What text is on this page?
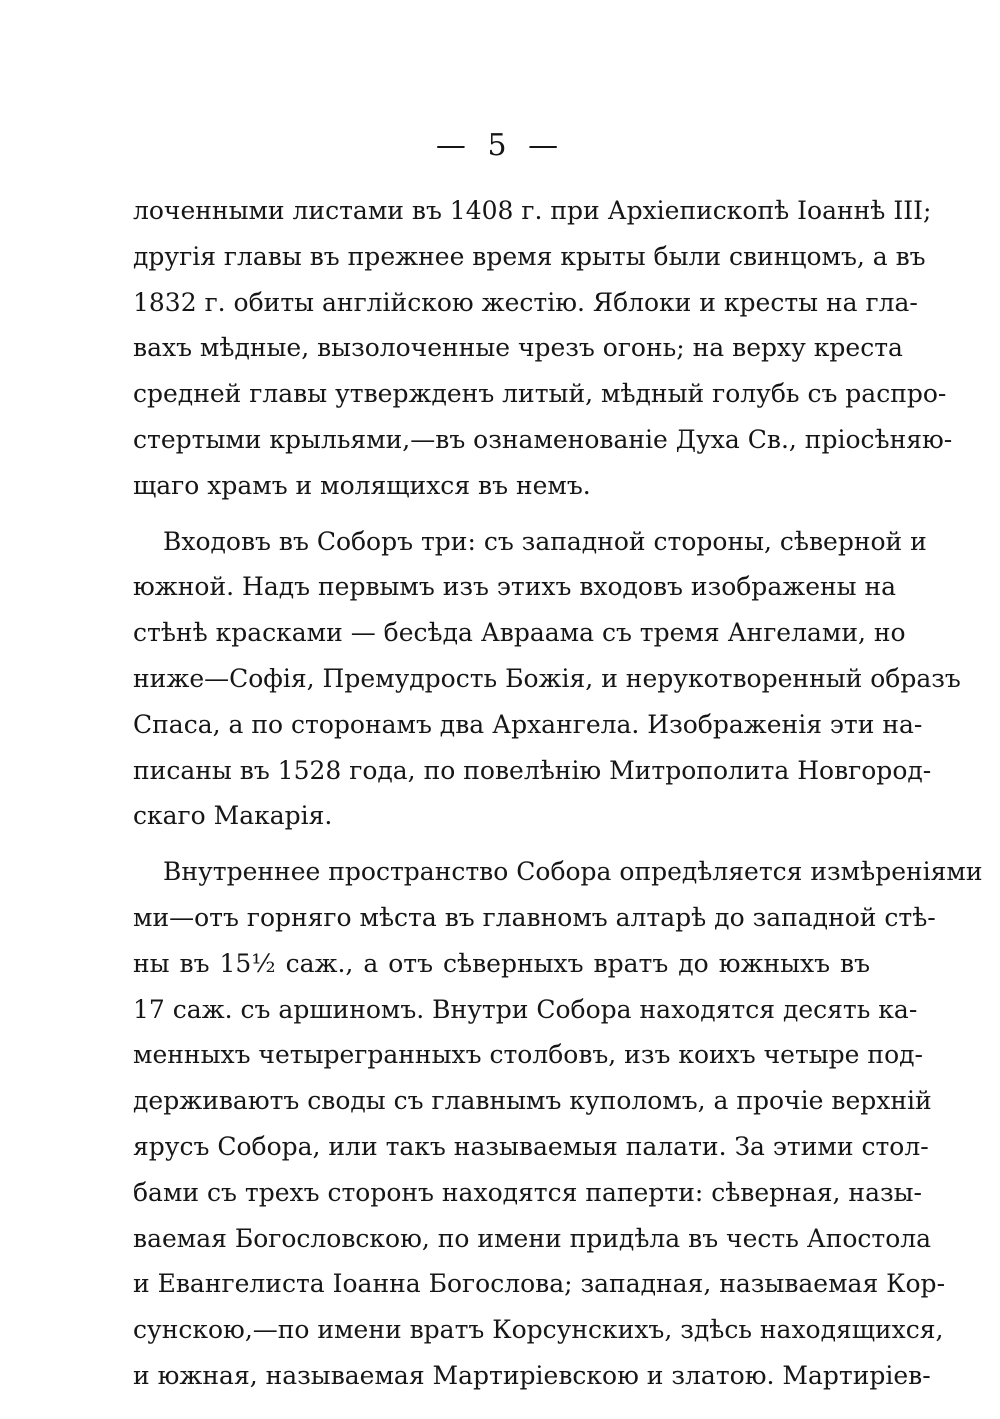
— 5 —
лоченными листами въ 1408 г. при Архіепископѣ Іоаннѣ III;
другія главы въ прежнее время крыты были свинцомъ, а въ
1832 г. обиты англійскою жестію. Яблоки и кресты на гла-
вахъ мѣдные, вызолоченные чрезъ огонь; на верху креста
средней главы утвержденъ литый, мѣдный голубь съ распро-
стертыми крыльями,—въ ознаменованіе Духа Св., пріосѣняю-
щаго храмъ и молящихся въ немъ.
Входовъ въ Соборъ три: съ западной стороны, сѣверной и
южной. Надъ первымъ изъ этихъ входовъ изображены на
стѣнѣ красками — бесѣда Авраама съ тремя Ангелами, но
ниже—Софія, Премудрость Божія, и нерукотворенный образъ
Спаса, а по сторонамъ два Архангела. Изображенія эти на-
писаны въ 1528 года, по повелѣнію Митрополита Новгород-
скаго Макарія.
Внутреннее пространство Собора опредѣляется измѣреніями
ми—отъ горняго мѣста въ главномъ алтарѣ до западной стѣ-
ны въ 15½ саж., а отъ сѣверныхъ вратъ до южныхъ въ
17 саж. съ аршиномъ. Внутри Собора находятся десять ка-
менныхъ четырегранныхъ столбовъ, изъ коихъ четыре под-
держиваютъ своды съ главнымъ куполомъ, а прочіе верхній
ярусъ Собора, или такъ называемыя палати. За этими стол-
бами съ трехъ сторонъ находятся паперти: сѣверная, назы-
ваемая Богословскою, по имени придѣла въ честь Апостола
и Евангелиста Іоанна Богослова; западная, называемая Кор-
сунскою,—по имени вратъ Корсунскихъ, здѣсь находящихся,
и южная, называемая Мартиріевскою и златою. Мартиріев-
